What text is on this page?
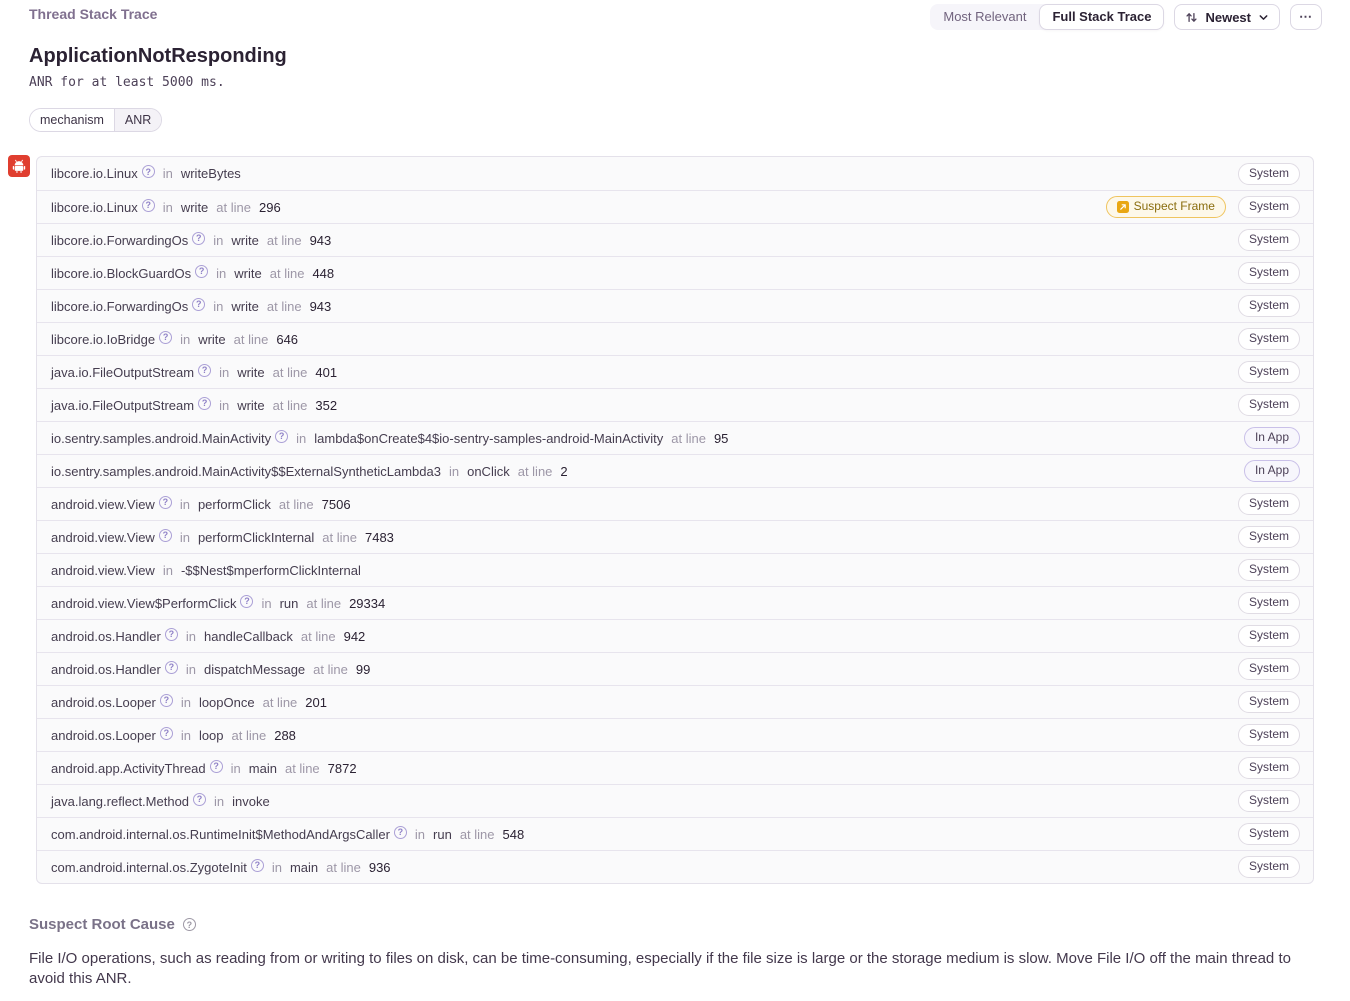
Thread Stack Trace	Most Relevant	Full Stack Trace	Newest	⋯
ApplicationNotResponding
ANR for at least 5000 ms.
mechanism	ANR
libcore.io.Linux ? in writeBytes	System
libcore.io.Linux ? in write at line 296	Suspect Frame	System
libcore.io.ForwardingOs ? in write at line 943	System
libcore.io.BlockGuardOs ? in write at line 448	System
libcore.io.ForwardingOs ? in write at line 943	System
libcore.io.IoBridge ? in write at line 646	System
java.io.FileOutputStream ? in write at line 401	System
java.io.FileOutputStream ? in write at line 352	System
io.sentry.samples.android.MainActivity ? in lambda$onCreate$4$io-sentry-samples-android-MainActivity at line 95	In App
io.sentry.samples.android.MainActivity$$ExternalSyntheticLambda3 in onClick at line 2	In App
android.view.View ? in performClick at line 7506	System
android.view.View ? in performClickInternal at line 7483	System
android.view.View in -$$Nest$mperformClickInternal	System
android.view.View$PerformClick ? in run at line 29334	System
android.os.Handler ? in handleCallback at line 942	System
android.os.Handler ? in dispatchMessage at line 99	System
android.os.Looper ? in loopOnce at line 201	System
android.os.Looper ? in loop at line 288	System
android.app.ActivityThread ? in main at line 7872	System
java.lang.reflect.Method ? in invoke	System
com.android.internal.os.RuntimeInit$MethodAndArgsCaller ? in run at line 548	System
com.android.internal.os.ZygoteInit ? in main at line 936	System
Suspect Root Cause	?
File I/O operations, such as reading from or writing to files on disk, can be time-consuming, especially if the file size is large or the storage medium is slow. Move File I/O off the main thread to avoid this ANR.
